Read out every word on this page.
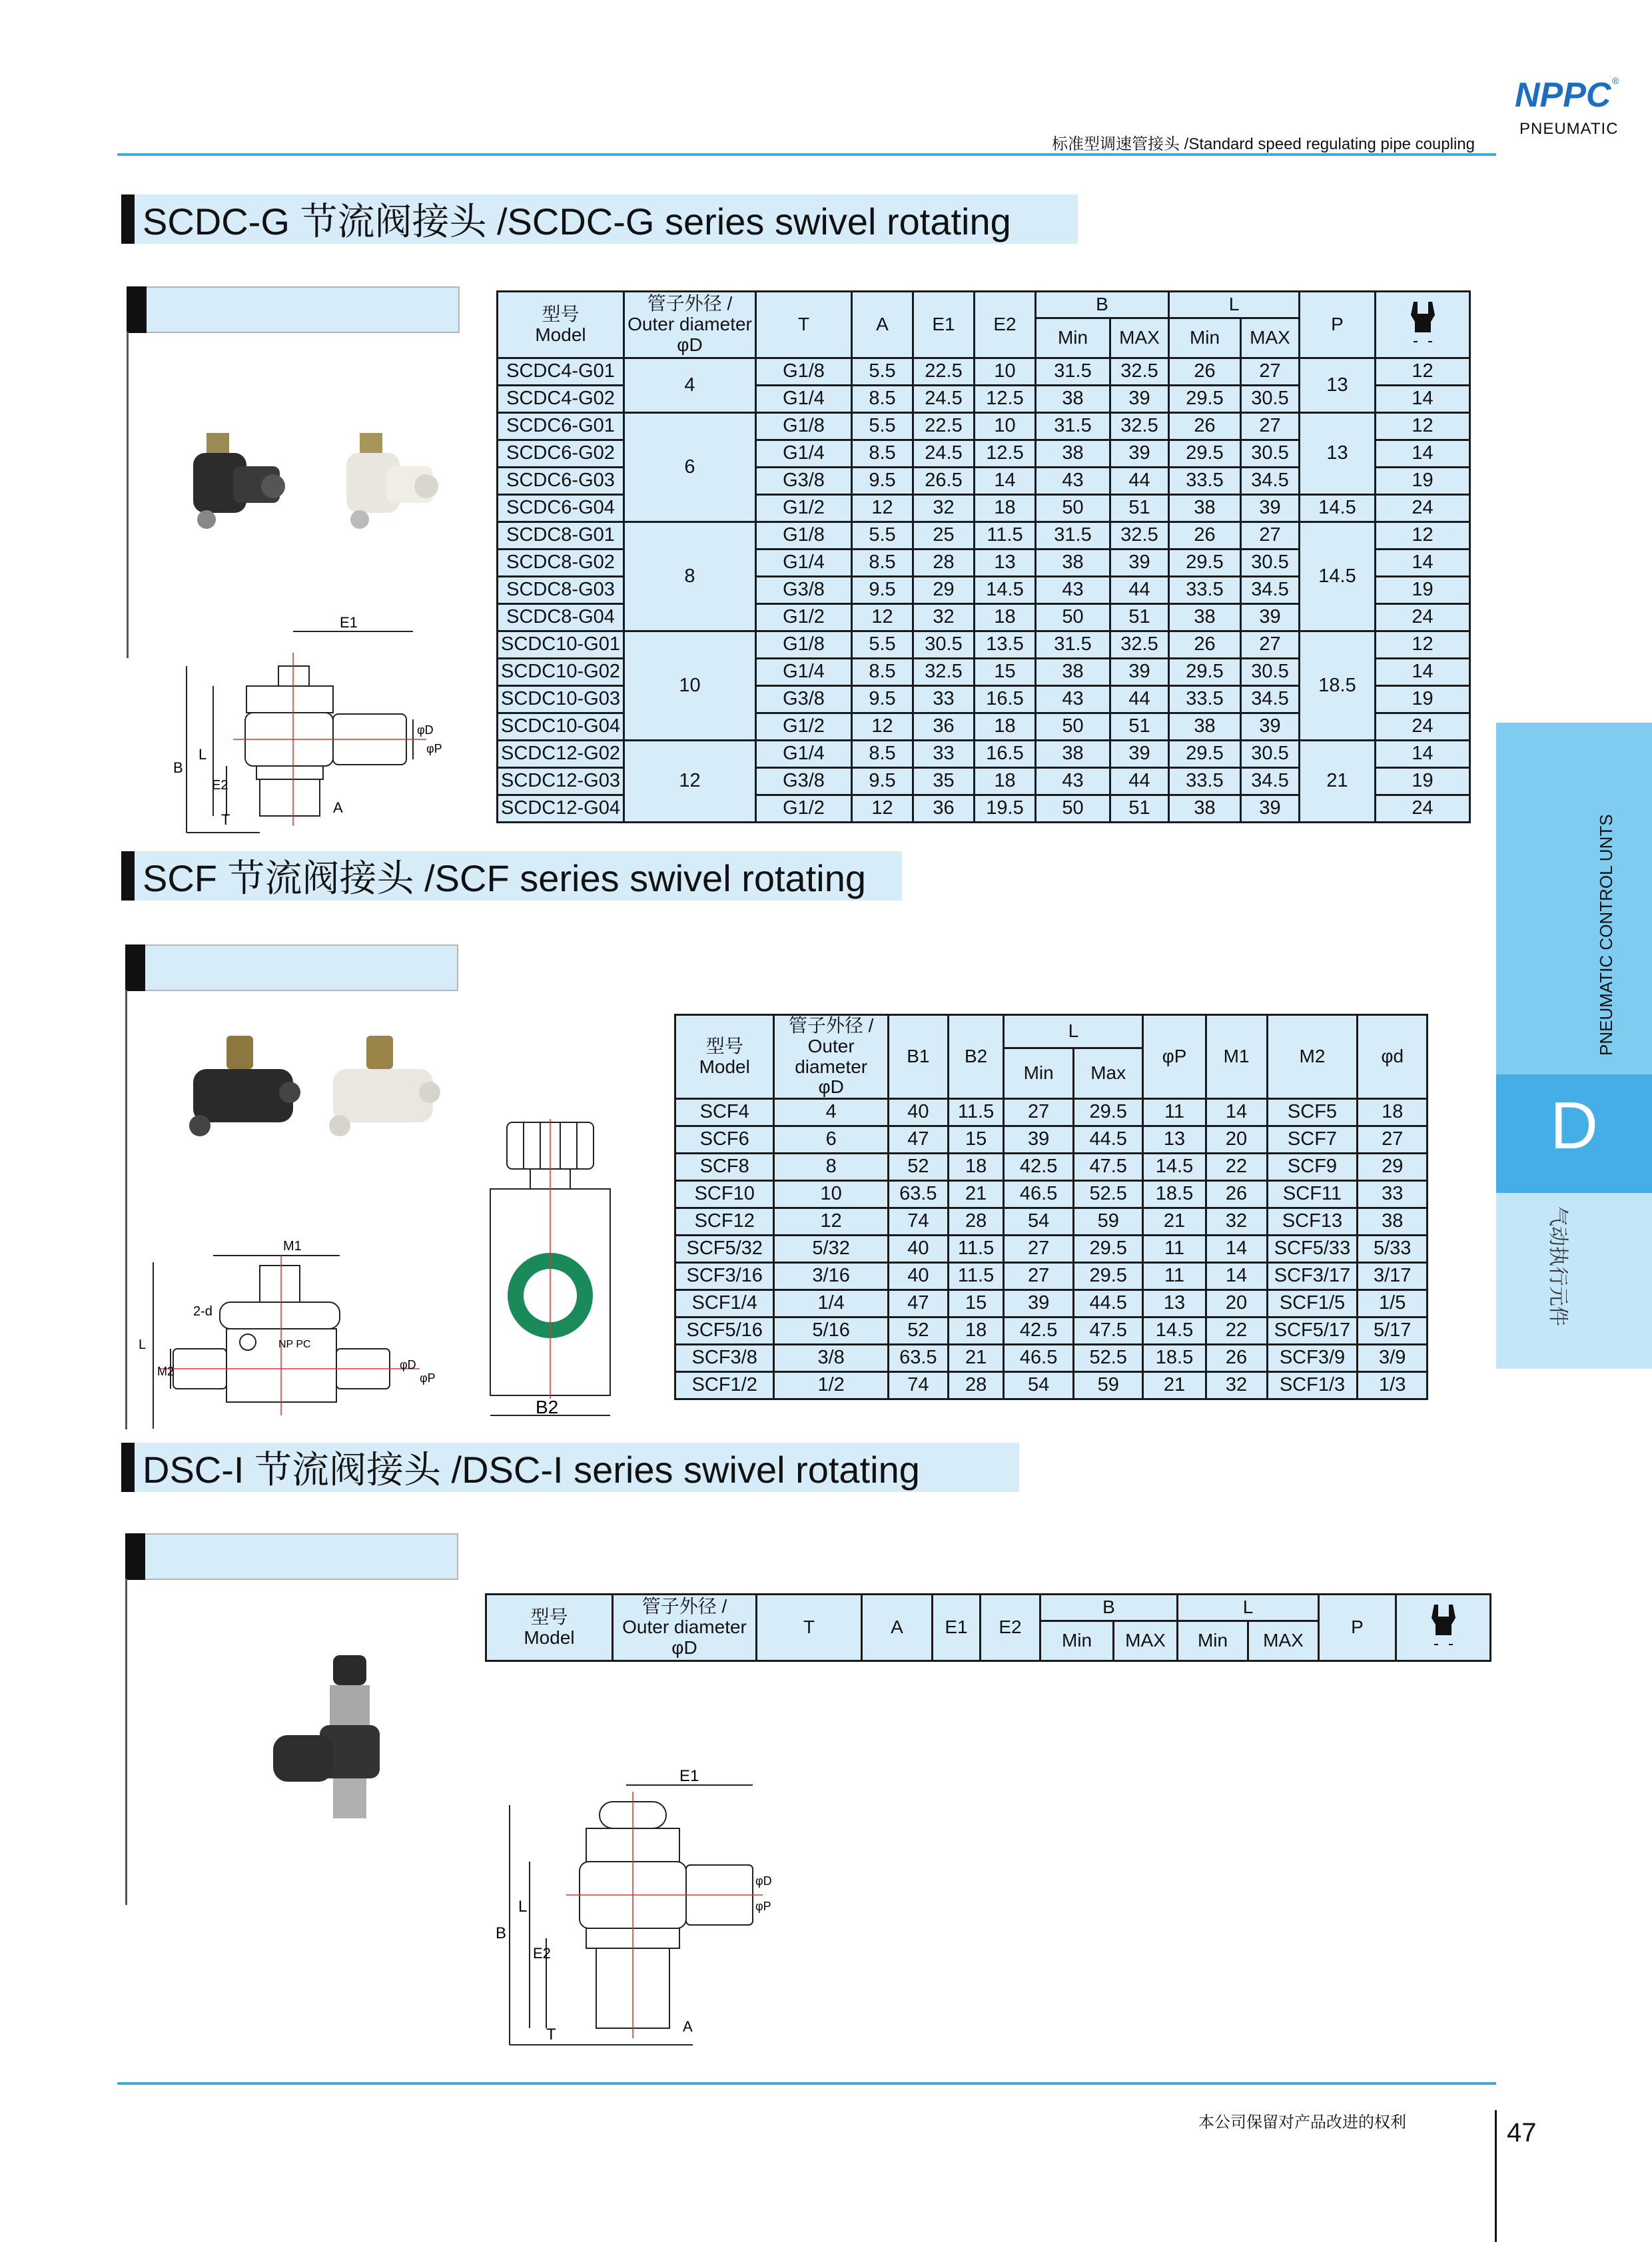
NPPC ®
PNEUMATIC
标准型调速管接头 /Standard speed regulating pipe coupling
SCDC-G 节流阀接头 /SCDC-G series swivel rotating
E1
B
L
E2
T
A
φD
φP
型号
Model	管子外径 /
Outer diameter
φD	T	A	E1	E2	B		L		P	
						Min	MAX	Min	MAX		
SCDC4-G01	4	G1/8	5.5	22.5	10	31.5	32.5	26	27	13	12
SCDC4-G02		G1/4	8.5	24.5	12.5	38	39	29.5	30.5		14
SCDC6-G01	6	G1/8	5.5	22.5	10	31.5	32.5	26	27	13	12
SCDC6-G02		G1/4	8.5	24.5	12.5	38	39	29.5	30.5		14
SCDC6-G03		G3/8	9.5	26.5	14	43	44	33.5	34.5		19
SCDC6-G04		G1/2	12	32	18	50	51	38	39	14.5	24
SCDC8-G01	8	G1/8	5.5	25	11.5	31.5	32.5	26	27	14.5	12
SCDC8-G02		G1/4	8.5	28	13	38	39	29.5	30.5		14
SCDC8-G03		G3/8	9.5	29	14.5	43	44	33.5	34.5		19
SCDC8-G04		G1/2	12	32	18	50	51	38	39		24
SCDC10-G01	10	G1/8	5.5	30.5	13.5	31.5	32.5	26	27	18.5	12
SCDC10-G02		G1/4	8.5	32.5	15	38	39	29.5	30.5		14
SCDC10-G03		G3/8	9.5	33	16.5	43	44	33.5	34.5		19
SCDC10-G04		G1/2	12	36	18	50	51	38	39		24
SCDC12-G02	12	G1/4	8.5	33	16.5	38	39	29.5	30.5	21	14
SCDC12-G03		G3/8	9.5	35	18	43	44	33.5	34.5		19
SCDC12-G04		G1/2	12	36	19.5	50	51	38	39		24
SCF 节流阀接头 /SCF series swivel rotating
M1
2-d
NP PC
L
M2	φD
φP
B2
型号
Model	管子外径 /
Outer diameter
φD	B1	B2	L		φP	M1	M2	φd
				Min	Max				
SCF4	4	40	11.5	27	29.5	11	14	SCF5	18
SCF6	6	47	15	39	44.5	13	20	SCF7	27
SCF8	8	52	18	42.5	47.5	14.5	22	SCF9	29
SCF10	10	63.5	21	46.5	52.5	18.5	26	SCF11	33
SCF12	12	74	28	54	59	21	32	SCF13	38
SCF5/32	5/32	40	11.5	27	29.5	11	14	SCF5/33	5/33
SCF3/16	3/16	40	11.5	27	29.5	11	14	SCF3/17	3/17
SCF1/4	1/4	47	15	39	44.5	13	20	SCF1/5	1/5
SCF5/16	5/16	52	18	42.5	47.5	14.5	22	SCF5/17	5/17
SCF3/8	3/8	63.5	21	46.5	52.5	18.5	26	SCF3/9	3/9
SCF1/2	1/2	74	28	54	59	21	32	SCF1/3	1/3
DSC-I 节流阀接头 /DSC-I series swivel rotating
E1
B
L
E2
T	A
φD
φP
型号
Model	管子外径 /
Outer diameter
φD	T	A	E1	E2	B		L		P	
						Min	MAX	Min	MAX		
PNEUMATIC CONTROL UNTS
D
气动执行元件
本公司保留对产品改进的权利	47
